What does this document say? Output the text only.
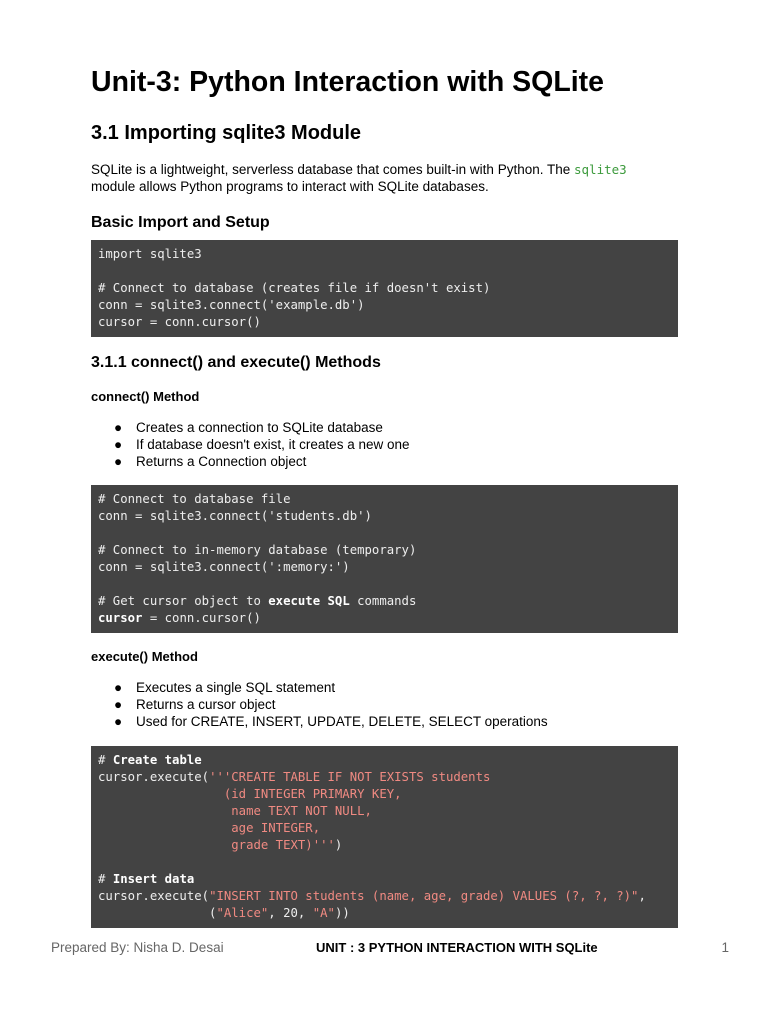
Unit-3: Python Interaction with SQLite
3.1 Importing sqlite3 Module

SQLite is a lightweight, serverless database that comes built-in with Python. The sqlite3
module allows Python programs to interact with SQLite databases.

Basic Import and Setup
import sqlite3
# Connect to database (creates file if doesn't exist)
conn = sqlite3.connect('example.db')
cursor = conn.cursor()
3.1.1 connect() and execute() Methods
connect() Method
● Creates a connection to SQLite database
● If database doesn't exist, it creates a new one
● Returns a Connection object
# Connect to database file
conn = sqlite3.connect('students.db')
# Connect to in-memory database (temporary)
conn = sqlite3.connect(':memory:')
# Get cursor object to execute SQL commands
cursor = conn.cursor()
execute() Method
● Executes a single SQL statement
● Returns a cursor object
● Used for CREATE, INSERT, UPDATE, DELETE, SELECT operations
# Create table
cursor.execute('''CREATE TABLE IF NOT EXISTS students
(id INTEGER PRIMARY KEY,
name TEXT NOT NULL,
age INTEGER,
grade TEXT)''')
# Insert data
cursor.execute("INSERT INTO students (name, age, grade) VALUES (?, ?, ?)",
("Alice", 20, "A"))
Prepared By: Nisha D. Desai	UNIT : 3 PYTHON INTERACTION WITH SQLite	1
